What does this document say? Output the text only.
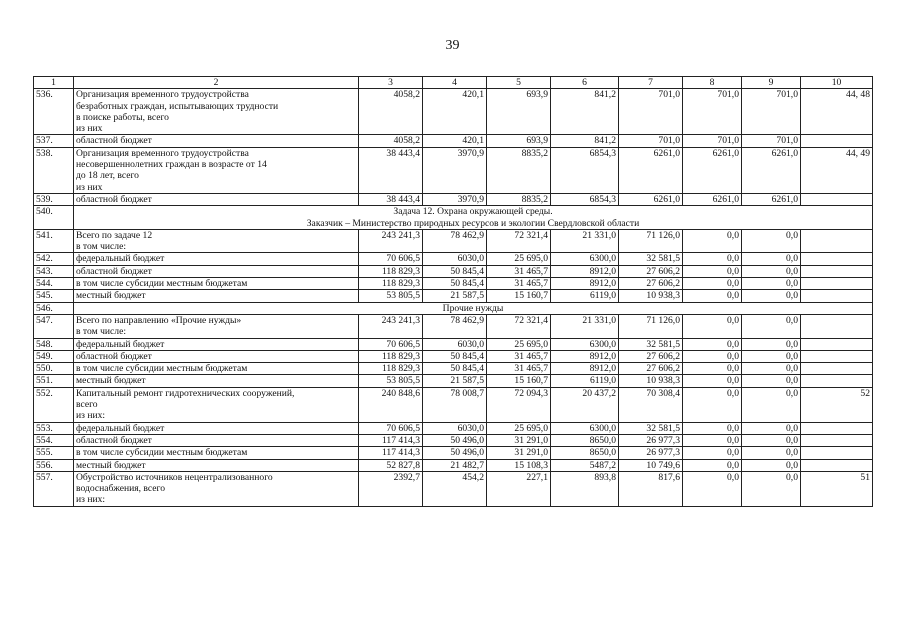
39
1	2	3	4	5	6	7	8	9	10
536.	Организация временного трудоустройства
безработных граждан, испытывающих трудности
в поиске работы, всего
из них	4058,2	420,1	693,9	841,2	701,0	701,0	701,0	44, 48
537.	областной бюджет	4058,2	420,1	693,9	841,2	701,0	701,0	701,0	
538.	Организация временного трудоустройства
несовершеннолетних граждан в возрасте от 14
до 18 лет, всего
из них	38 443,4	3970,9	8835,2	6854,3	6261,0	6261,0	6261,0	44, 49
539.	областной бюджет	38 443,4	3970,9	8835,2	6854,3	6261,0	6261,0	6261,0	
540.	Задача 12. Охрана окружающей среды.
Заказчик – Министерство природных ресурсов и экологии Свердловской области								

541.	Всего по задаче 12
в том числе:	243 241,3	78 462,9	72 321,4	21 331,0	71 126,0	0,0	0,0	
542.	федеральный бюджет	70 606,5	6030,0	25 695,0	6300,0	32 581,5	0,0	0,0	
543.	областной бюджет	118 829,3	50 845,4	31 465,7	8912,0	27 606,2	0,0	0,0	
544.	в том числе субсидии местным бюджетам	118 829,3	50 845,4	31 465,7	8912,0	27 606,2	0,0	0,0	
545.	местный бюджет	53 805,5	21 587,5	15 160,7	6119,0	10 938,3	0,0	0,0	
546.	Прочие нужды								

547.	Всего по направлению «Прочие нужды»
в том числе:	243 241,3	78 462,9	72 321,4	21 331,0	71 126,0	0,0	0,0	
548.	федеральный бюджет	70 606,5	6030,0	25 695,0	6300,0	32 581,5	0,0	0,0	
549.	областной бюджет	118 829,3	50 845,4	31 465,7	8912,0	27 606,2	0,0	0,0	
550.	в том числе субсидии местным бюджетам	118 829,3	50 845,4	31 465,7	8912,0	27 606,2	0,0	0,0	
551.	местный бюджет	53 805,5	21 587,5	15 160,7	6119,0	10 938,3	0,0	0,0	
552.	Капитальный ремонт гидротехнических сооружений,
всего
из них:	240 848,6	78 008,7	72 094,3	20 437,2	70 308,4	0,0	0,0	52
553.	федеральный бюджет	70 606,5	6030,0	25 695,0	6300,0	32 581,5	0,0	0,0	
554.	областной бюджет	117 414,3	50 496,0	31 291,0	8650,0	26 977,3	0,0	0,0	
555.	в том числе субсидии местным бюджетам	117 414,3	50 496,0	31 291,0	8650,0	26 977,3	0,0	0,0	
556.	местный бюджет	52 827,8	21 482,7	15 108,3	5487,2	10 749,6	0,0	0,0	
557.	Обустройство источников нецентрализованного
водоснабжения, всего
из них:	2392,7	454,2	227,1	893,8	817,6	0,0	0,0	51
